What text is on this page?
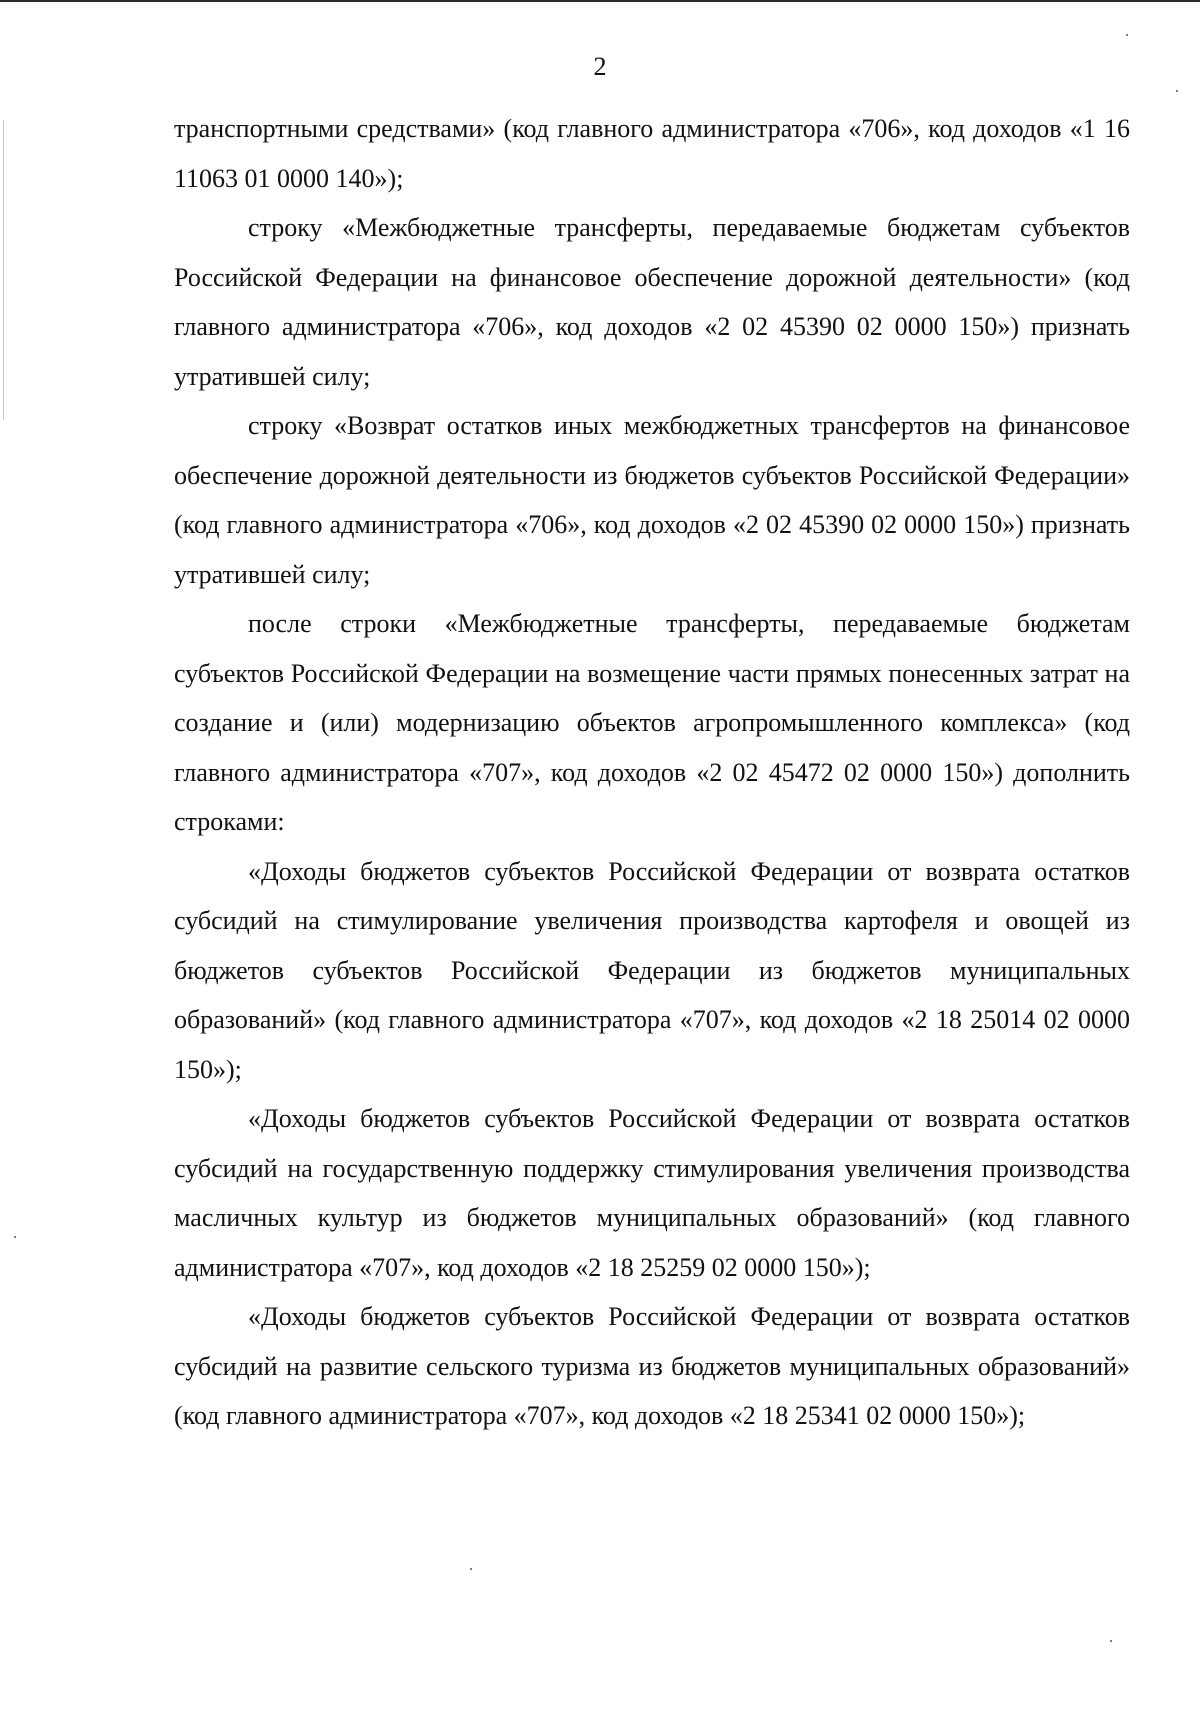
2

транспортными средствами» (код главного администратора «706», код доходов «1 16 11063 01 0000 140»);

строку «Межбюджетные трансферты, передаваемые бюджетам субъектов Российской Федерации на финансовое обеспечение дорожной деятельности» (код главного администратора «706», код доходов «2 02 45390 02 0000 150») признать утратившей силу;

строку «Возврат остатков иных межбюджетных трансфертов на финансовое обеспечение дорожной деятельности из бюджетов субъектов Российской Федерации» (код главного администратора «706», код доходов «2 02 45390 02 0000 150») признать утратившей силу;

после строки «Межбюджетные трансферты, передаваемые бюджетам субъектов Российской Федерации на возмещение части прямых понесенных затрат на создание и (или) модернизацию объектов агропромышленного комплекса» (код главного администратора «707», код доходов «2 02 45472 02 0000 150») дополнить строками:

«Доходы бюджетов субъектов Российской Федерации от возврата остатков субсидий на стимулирование увеличения производства картофеля и овощей из бюджетов субъектов Российской Федерации из бюджетов муниципальных образований» (код главного администратора «707», код доходов «2 18 25014 02 0000 150»);

«Доходы бюджетов субъектов Российской Федерации от возврата остатков субсидий на государственную поддержку стимулирования увеличения производства масличных культур из бюджетов муниципальных образований» (код главного администратора «707», код доходов «2 18 25259 02 0000 150»);

«Доходы бюджетов субъектов Российской Федерации от возврата остатков субсидий на развитие сельского туризма из бюджетов муниципальных образований» (код главного администратора «707», код доходов «2 18 25341 02 0000 150»);
